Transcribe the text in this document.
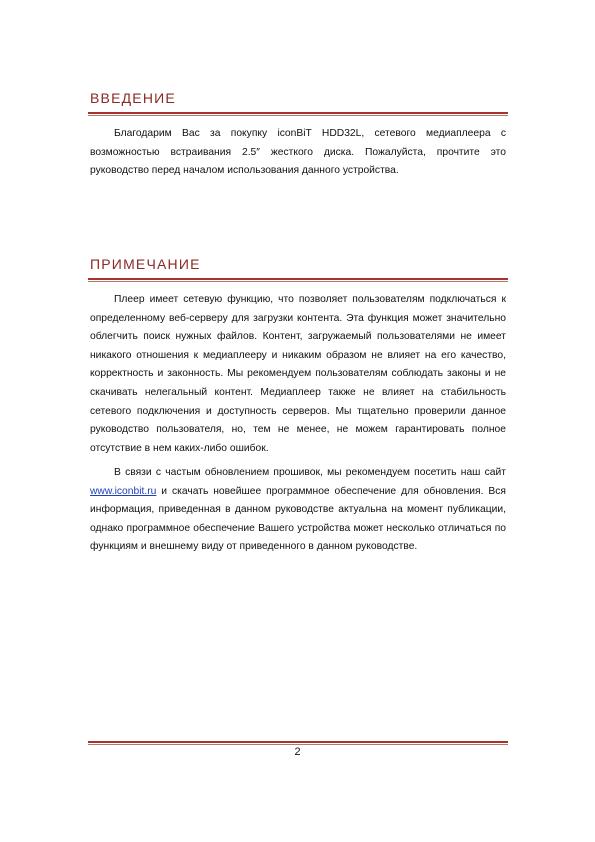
ВВЕДЕНИЕ

Благодарим Вас за покупку iconBiT HDD32L, сетевого медиаплеера с возможностью встраивания 2.5″ жесткого диска. Пожалуйста, прочтите это руководство перед началом использования данного устройства.

ПРИМЕЧАНИЕ

Плеер имеет сетевую функцию, что позволяет пользователям подключаться к определенному веб-серверу для загрузки контента. Эта функция может значительно облегчить поиск нужных файлов. Контент, загружаемый пользователями не имеет никакого отношения к медиаплееру и никаким образом не влияет на его качество, корректность и законность. Мы рекомендуем пользователям соблюдать законы и не скачивать нелегальный контент. Медиаплеер также не влияет на стабильность сетевого подключения и доступность серверов. Мы тщательно проверили данное руководство пользователя, но, тем не менее, не можем гарантировать полное отсутствие в нем каких-либо ошибок.

В связи с частым обновлением прошивок, мы рекомендуем посетить наш сайт www.iconbit.ru и скачать новейшее программное обеспечение для обновления. Вся информация, приведенная в данном руководстве актуальна на момент публикации, однако программное обеспечение Вашего устройства может несколько отличаться по функциям и внешнему виду от приведенного в данном руководстве.

2
